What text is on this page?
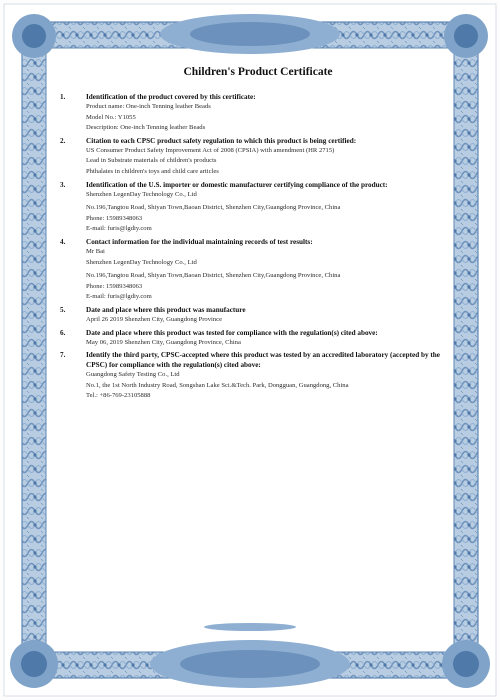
Children's Product Certificate
1.	Identification of the product covered by this certificate:
Product name: One-inch Tenning leather Beads
Model No.: Y1055
Description: One-inch Tenning leather Beads
2.	Citation to each CPSC product safety regulation to which this product is being certified:
US Consumer Product Safety Improvement Act of 2008 (CPSIA) with amendment (HR 2715)
Lead in Substrate materials of children's products
Phthalates in children's toys and child care articles
3.	Identification of the U.S. importer or domestic manufacturer certifying compliance of the product:
Shenzhen LegenDay Technology Co., Ltd
No.196,Tangtou Road, Shiyan Town,Baoan District, Shenzhen City,Guangdong Province, China
Phone: 15989348063
E-mail: furis@lgdiy.com
4.	Contact information for the individual maintaining records of test results:
Mr Bai
Shenzhen LegenDay Technology Co., Ltd
No.196,Tangtou Road, Shiyan Town,Baoan District, Shenzhen City,Guangdong Province, China
Phone: 15989348063
E-mail: furis@lgdiy.com
5.	Date and place where this product was manufacture
April 26 2019 Shenzhen City, Guangdong Province
6.	Date and place where this product was tested for compliance with the regulation(s) cited above:
May 06, 2019 Shenzhen City, Guangdong Province, China
7.	Identify the third party, CPSC-accepted where this product was tested by an accredited laboratory (accepted by the CPSC) for compliance with the regulation(s) cited above:
Guangdong Safety Testing Co., Ltd
No.1, the 1st North Industry Road, Songshan Lake Sci.&Tech. Park, Dongguan, Guangdong, China
Tel.: +86-769-23105888
